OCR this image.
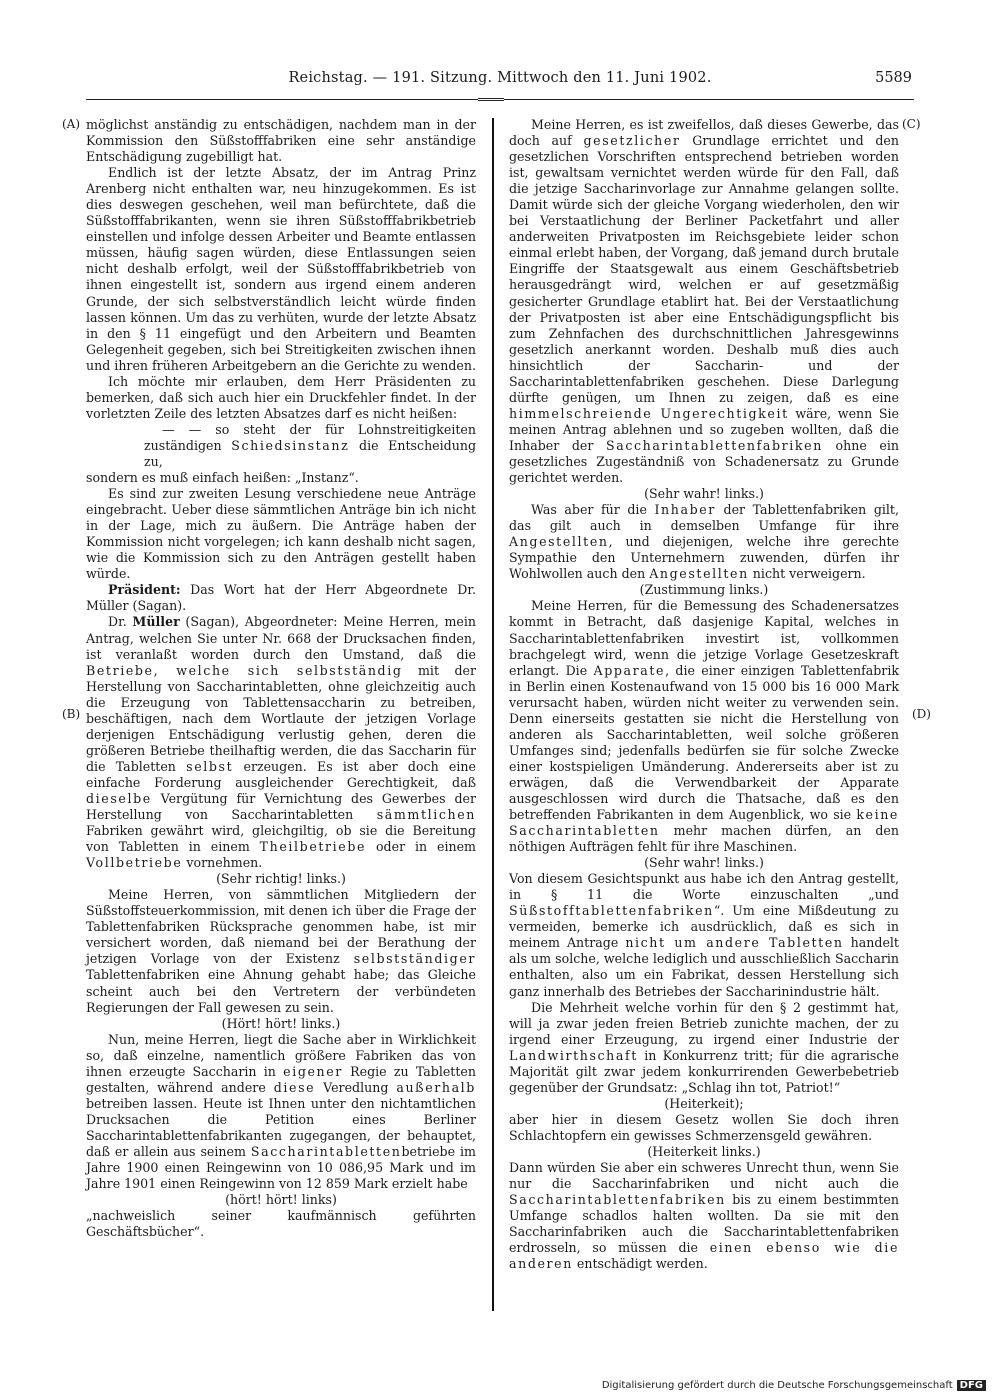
Reichstag. — 191. Sitzung. Mittwoch den 11. Juni 1902.	5589
(A)
(B)
(C)
(D)

möglichst anständig zu entschädigen, nachdem man in der Kommission den Süßstofffabriken eine sehr anständige Entschädigung zugebilligt hat.

Endlich ist der letzte Absatz, der im Antrag Prinz Arenberg nicht enthalten war, neu hinzugekommen. Es ist dies deswegen geschehen, weil man befürchtete, daß die Süßstofffabrikanten, wenn sie ihren Süßstofffabrikbetrieb einstellen und infolge dessen Arbeiter und Beamte entlassen müssen, häufig sagen würden, diese Entlassungen seien nicht deshalb erfolgt, weil der Süßstofffabrikbetrieb von ihnen eingestellt ist, sondern aus irgend einem anderen Grunde, der sich selbstverständlich leicht würde finden lassen können. Um das zu verhüten, wurde der letzte Absatz in den § 11 eingefügt und den Arbeitern und Beamten Gelegenheit gegeben, sich bei Streitigkeiten zwischen ihnen und ihren früheren Arbeitgebern an die Gerichte zu wenden.

Ich möchte mir erlauben, dem Herr Präsidenten zu bemerken, daß sich auch hier ein Druckfehler findet. In der vorletzten Zeile des letzten Absatzes darf es nicht heißen:

— — so steht der für Lohnstreitigkeiten zuständigen Schiedsinstanz die Entscheidung zu,

sondern es muß einfach heißen: „Instanz“.

Es sind zur zweiten Lesung verschiedene neue Anträge eingebracht. Ueber diese sämmtlichen Anträge bin ich nicht in der Lage, mich zu äußern. Die Anträge haben der Kommission nicht vorgelegen; ich kann deshalb nicht sagen, wie die Kommission sich zu den Anträgen gestellt haben würde.

Präsident: Das Wort hat der Herr Abgeordnete Dr. Müller (Sagan).

Dr. Müller (Sagan), Abgeordneter: Meine Herren, mein Antrag, welchen Sie unter Nr. 668 der Drucksachen finden, ist veranlaßt worden durch den Umstand, daß die Betriebe, welche sich selbstständig mit der Herstellung von Saccharintabletten, ohne gleichzeitig auch die Erzeugung von Tablettensaccharin zu betreiben, beschäftigen, nach dem Wortlaute der jetzigen Vorlage derjenigen Entschädigung verlustig gehen, deren die größeren Betriebe theilhaftig werden, die das Saccharin für die Tabletten selbst erzeugen. Es ist aber doch eine einfache Forderung ausgleichender Gerechtigkeit, daß dieselbe Vergütung für Vernichtung des Gewerbes der Herstellung von Saccharintabletten sämmtlichen Fabriken gewährt wird, gleichgiltig, ob sie die Bereitung von Tabletten in einem Theilbetriebe oder in einem Vollbetriebe vornehmen.

(Sehr richtig! links.)

Meine Herren, von sämmtlichen Mitgliedern der Süßstoffsteuerkommission, mit denen ich über die Frage der Tablettenfabriken Rücksprache genommen habe, ist mir versichert worden, daß niemand bei der Berathung der jetzigen Vorlage von der Existenz selbstständiger Tablettenfabriken eine Ahnung gehabt habe; das Gleiche scheint auch bei den Vertretern der verbündeten Regierungen der Fall gewesen zu sein.

(Hört! hört! links.)

Nun, meine Herren, liegt die Sache aber in Wirklichkeit so, daß einzelne, namentlich größere Fabriken das von ihnen erzeugte Saccharin in eigener Regie zu Tabletten gestalten, während andere diese Veredlung außerhalb betreiben lassen. Heute ist Ihnen unter den nichtamtlichen Drucksachen die Petition eines Berliner Saccharintablettenfabrikanten zugegangen, der behauptet, daß er allein aus seinem Saccharintablettenbetriebe im Jahre 1900 einen Reingewinn von 10 086,95 Mark und im Jahre 1901 einen Reingewinn von 12 859 Mark erzielt habe

(hört! hört! links)

„nachweislich seiner kaufmännisch geführten Geschäftsbücher“.

Meine Herren, es ist zweifellos, daß dieses Gewerbe, das doch auf gesetzlicher Grundlage errichtet und den gesetzlichen Vorschriften entsprechend betrieben worden ist, gewaltsam vernichtet werden würde für den Fall, daß die jetzige Saccharinvorlage zur Annahme gelangen sollte. Damit würde sich der gleiche Vorgang wiederholen, den wir bei Verstaatlichung der Berliner Packetfahrt und aller anderweiten Privatposten im Reichsgebiete leider schon einmal erlebt haben, der Vorgang, daß jemand durch brutale Eingriffe der Staatsgewalt aus einem Geschäftsbetrieb herausgedrängt wird, welchen er auf gesetzmäßig gesicherter Grundlage etablirt hat. Bei der Verstaatlichung der Privatposten ist aber eine Entschädigungspflicht bis zum Zehnfachen des durchschnittlichen Jahresgewinns gesetzlich anerkannt worden. Deshalb muß dies auch hinsichtlich der Saccharin- und der Saccharintablettenfabriken geschehen. Diese Darlegung dürfte genügen, um Ihnen zu zeigen, daß es eine himmelschreiende Ungerechtigkeit wäre, wenn Sie meinen Antrag ablehnen und so zugeben wollten, daß die Inhaber der Saccharintablettenfabriken ohne ein gesetzliches Zugeständniß von Schadenersatz zu Grunde gerichtet werden.

(Sehr wahr! links.)

Was aber für die Inhaber der Tablettenfabriken gilt, das gilt auch in demselben Umfange für ihre Angestellten, und diejenigen, welche ihre gerechte Sympathie den Unternehmern zuwenden, dürfen ihr Wohlwollen auch den Angestellten nicht verweigern.

(Zustimmung links.)

Meine Herren, für die Bemessung des Schadenersatzes kommt in Betracht, daß dasjenige Kapital, welches in Saccharintablettenfabriken investirt ist, vollkommen brachgelegt wird, wenn die jetzige Vorlage Gesetzeskraft erlangt. Die Apparate, die einer einzigen Tablettenfabrik in Berlin einen Kostenaufwand von 15 000 bis 16 000 Mark verursacht haben, würden nicht weiter zu verwenden sein. Denn einerseits gestatten sie nicht die Herstellung von anderen als Saccharintabletten, weil solche größeren Umfanges sind; jedenfalls bedürfen sie für solche Zwecke einer kostspieligen Umänderung. Andererseits aber ist zu erwägen, daß die Verwendbarkeit der Apparate ausgeschlossen wird durch die Thatsache, daß es den betreffenden Fabrikanten in dem Augenblick, wo sie keine Saccharintabletten mehr machen dürfen, an den nöthigen Aufträgen fehlt für ihre Maschinen.

(Sehr wahr! links.)

Von diesem Gesichtspunkt aus habe ich den Antrag gestellt, in § 11 die Worte einzuschalten „und Süßstofftablettenfabriken“. Um eine Mißdeutung zu vermeiden, bemerke ich ausdrücklich, daß es sich in meinem Antrage nicht um andere Tabletten handelt als um solche, welche lediglich und ausschließlich Saccharin enthalten, also um ein Fabrikat, dessen Herstellung sich ganz innerhalb des Betriebes der Saccharinindustrie hält.

Die Mehrheit welche vorhin für den § 2 gestimmt hat, will ja zwar jeden freien Betrieb zunichte machen, der zu irgend einer Erzeugung, zu irgend einer Industrie der Landwirthschaft in Konkurrenz tritt; für die agrarische Majorität gilt zwar jedem konkurrirenden Gewerbebetrieb gegenüber der Grundsatz: „Schlag ihn tot, Patriot!“

(Heiterkeit);

aber hier in diesem Gesetz wollen Sie doch ihren Schlachtopfern ein gewisses Schmerzensgeld gewähren.

(Heiterkeit links.)

Dann würden Sie aber ein schweres Unrecht thun, wenn Sie nur die Saccharinfabriken und nicht auch die Saccharintablettenfabriken bis zu einem bestimmten Umfange schadlos halten wollten. Da sie mit den Saccharinfabriken auch die Saccharintablettenfabriken erdrosseln, so müssen die einen ebenso wie die anderen entschädigt werden.

Digitalisierung gefördert durch die Deutsche Forschungsgemeinschaft DFG
